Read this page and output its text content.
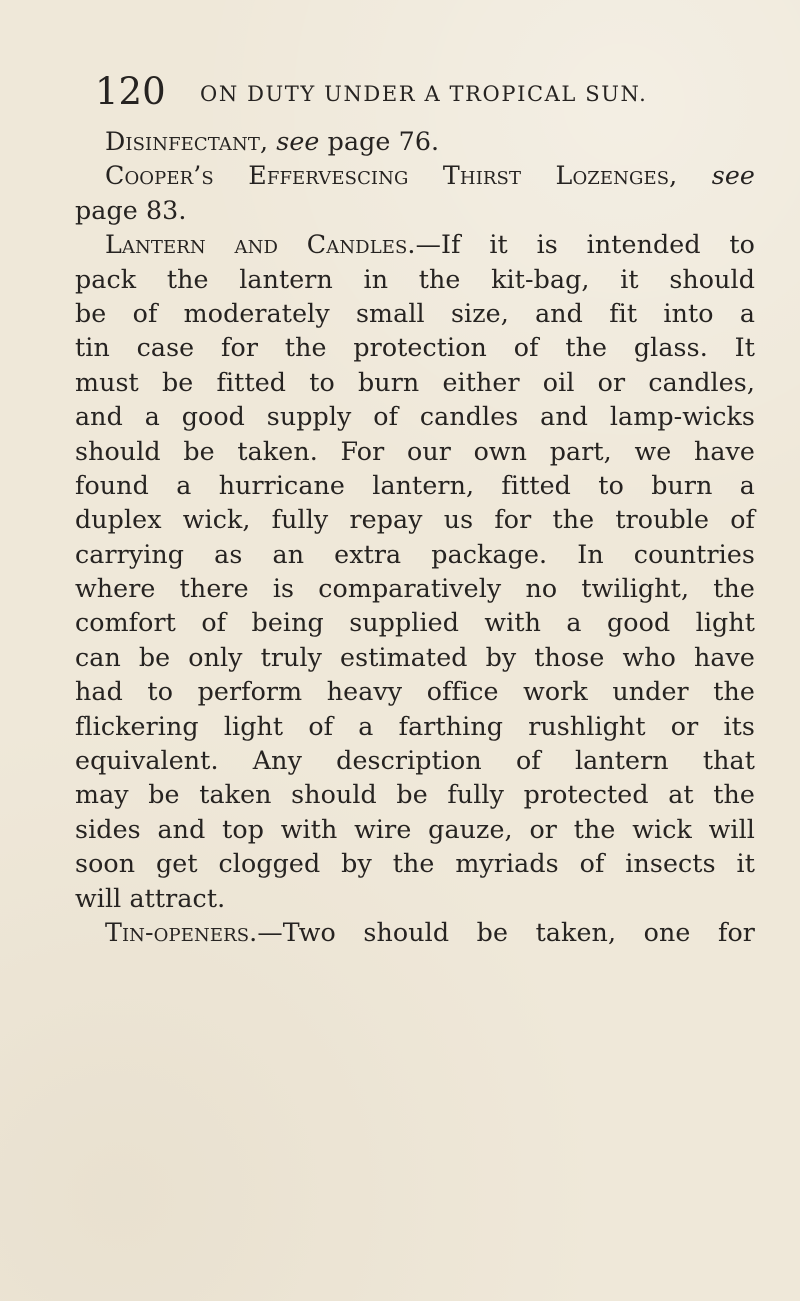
120 ON DUTY UNDER A TROPICAL SUN.
Disinfectant, see page 76.
Cooper’s Effervescing Thirst Lozenges, see
page 83.
Lantern and Candles.—If it is intended to
pack the lantern in the kit-bag, it should
be of moderately small size, and fit into a
tin case for the protection of the glass. It
must be fitted to burn either oil or candles,
and a good supply of candles and lamp-wicks
should be taken. For our own part, we have
found a hurricane lantern, fitted to burn a
duplex wick, fully repay us for the trouble of
carrying as an extra package. In countries
where there is comparatively no twilight, the
comfort of being supplied with a good light
can be only truly estimated by those who have
had to perform heavy office work under the
flickering light of a farthing rushlight or its
equivalent. Any description of lantern that
may be taken should be fully protected at the
sides and top with wire gauze, or the wick will
soon get clogged by the myriads of insects it
will attract.
Tin-openers.—Two should be taken, one for
